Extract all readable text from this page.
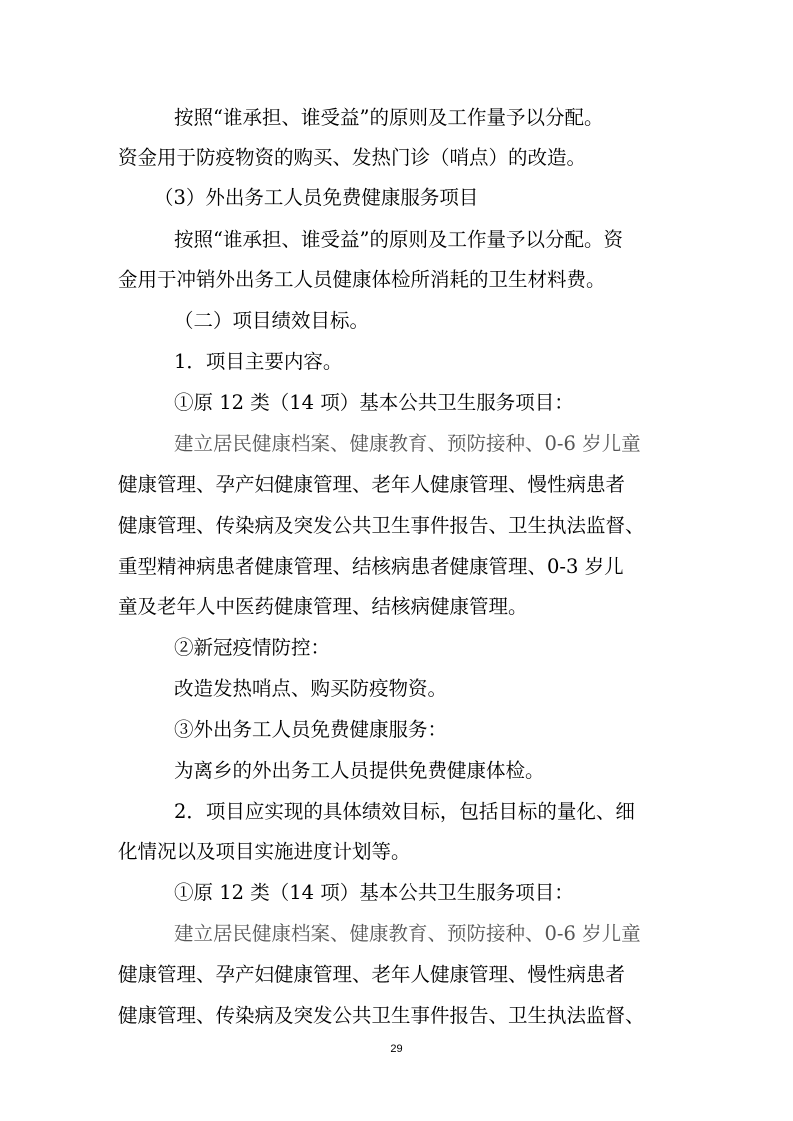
按照“谁承担、谁受益”的原则及工作量予以分配。
资金用于防疫物资的购买、发热门诊（哨点）的改造。
（3）外出务工人员免费健康服务项目
按照“谁承担、谁受益”的原则及工作量予以分配。资
金用于冲销外出务工人员健康体检所消耗的卫生材料费。
（二）项目绩效目标。
1．项目主要内容。
①原 12 类（14 项）基本公共卫生服务项目：
建立居民健康档案、健康教育、预防接种、0-6 岁儿童
健康管理、孕产妇健康管理、老年人健康管理、慢性病患者
健康管理、传染病及突发公共卫生事件报告、卫生执法监督、
重型精神病患者健康管理、结核病患者健康管理、0-3 岁儿
童及老年人中医药健康管理、结核病健康管理。
②新冠疫情防控：
改造发热哨点、购买防疫物资。
③外出务工人员免费健康服务：
为离乡的外出务工人员提供免费健康体检。
2．项目应实现的具体绩效目标，包括目标的量化、细
化情况以及项目实施进度计划等。
①原 12 类（14 项）基本公共卫生服务项目：
建立居民健康档案、健康教育、预防接种、0-6 岁儿童
健康管理、孕产妇健康管理、老年人健康管理、慢性病患者
健康管理、传染病及突发公共卫生事件报告、卫生执法监督、
29
